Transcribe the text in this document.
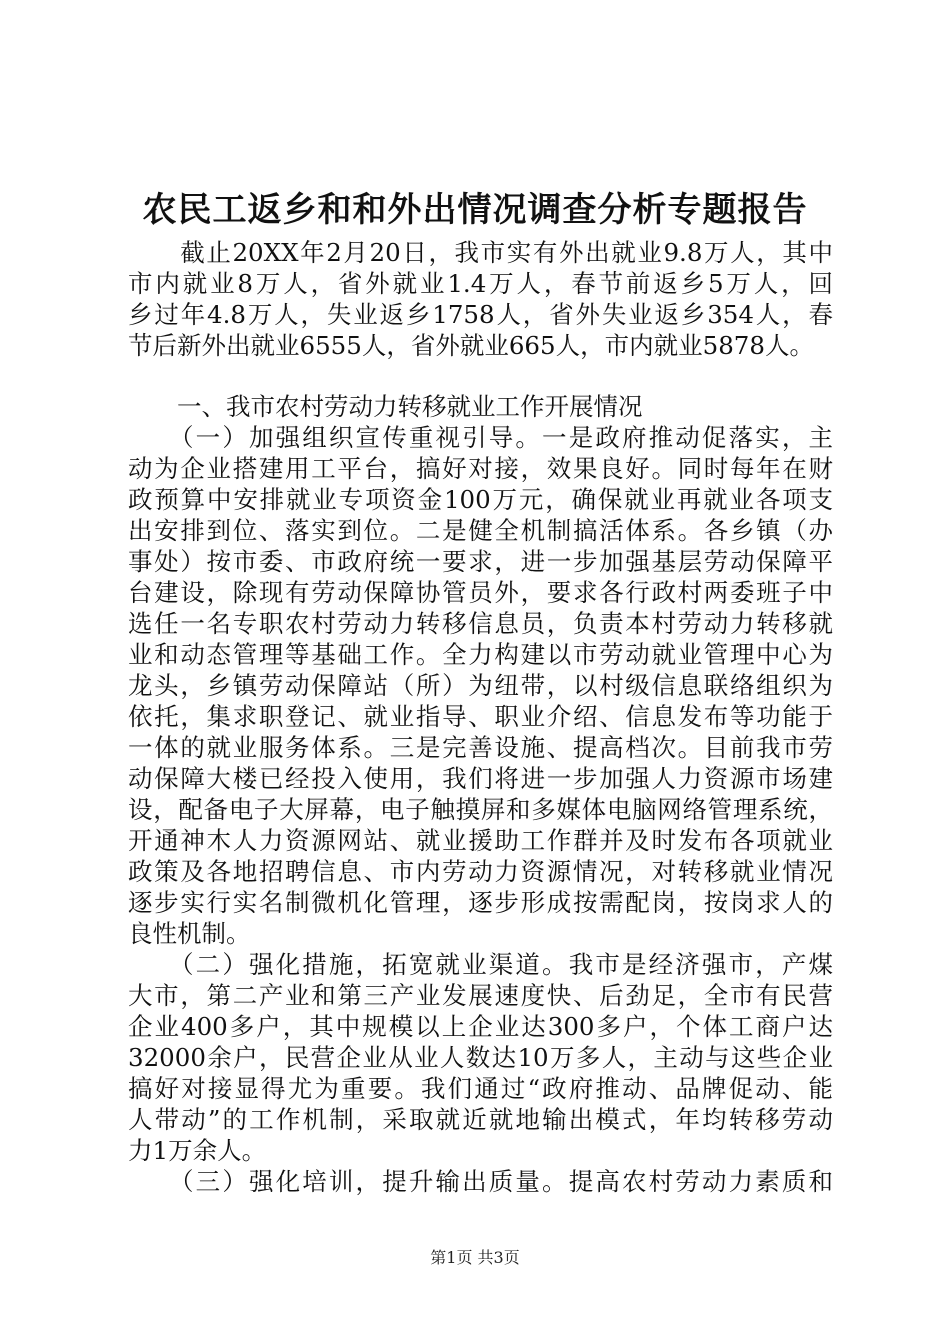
农民工返乡和和外出情况调查分析专题报告
　　截止20XX年2月20日，我市实有外出就业9.8万人，其中
市内就业8万人，省外就业1.4万人，春节前返乡5万人，回
乡过年4.8万人，失业返乡1758人，省外失业返乡354人，春
节后新外出就业6555人，省外就业665人，市内就业5878人。
　　一、我市农村劳动力转移就业工作开展情况
　　（一）加强组织宣传重视引导。一是政府推动促落实，主
动为企业搭建用工平台，搞好对接，效果良好。同时每年在财
政预算中安排就业专项资金100万元，确保就业再就业各项支
出安排到位、落实到位。二是健全机制搞活体系。各乡镇（办
事处）按市委、市政府统一要求，进一步加强基层劳动保障平
台建设，除现有劳动保障协管员外，要求各行政村两委班子中
选任一名专职农村劳动力转移信息员，负责本村劳动力转移就
业和动态管理等基础工作。全力构建以市劳动就业管理中心为
龙头，乡镇劳动保障站（所）为纽带，以村级信息联络组织为
依托，集求职登记、就业指导、职业介绍、信息发布等功能于
一体的就业服务体系。三是完善设施、提高档次。目前我市劳
动保障大楼已经投入使用，我们将进一步加强人力资源市场建
设，配备电子大屏幕，电子触摸屏和多媒体电脑网络管理系统，
开通神木人力资源网站、就业援助工作群并及时发布各项就业
政策及各地招聘信息、市内劳动力资源情况，对转移就业情况
逐步实行实名制微机化管理，逐步形成按需配岗，按岗求人的
良性机制。
　　（二）强化措施，拓宽就业渠道。我市是经济强市，产煤
大市，第二产业和第三产业发展速度快、后劲足，全市有民营
企业400多户，其中规模以上企业达300多户，个体工商户达
32000余户，民营企业从业人数达10万多人，主动与这些企业
搞好对接显得尤为重要。我们通过“政府推动、品牌促动、能
人带动”的工作机制，采取就近就地输出模式，年均转移劳动
力1万余人。
　　（三）强化培训，提升输出质量。提高农村劳动力素质和
第1页 共3页
